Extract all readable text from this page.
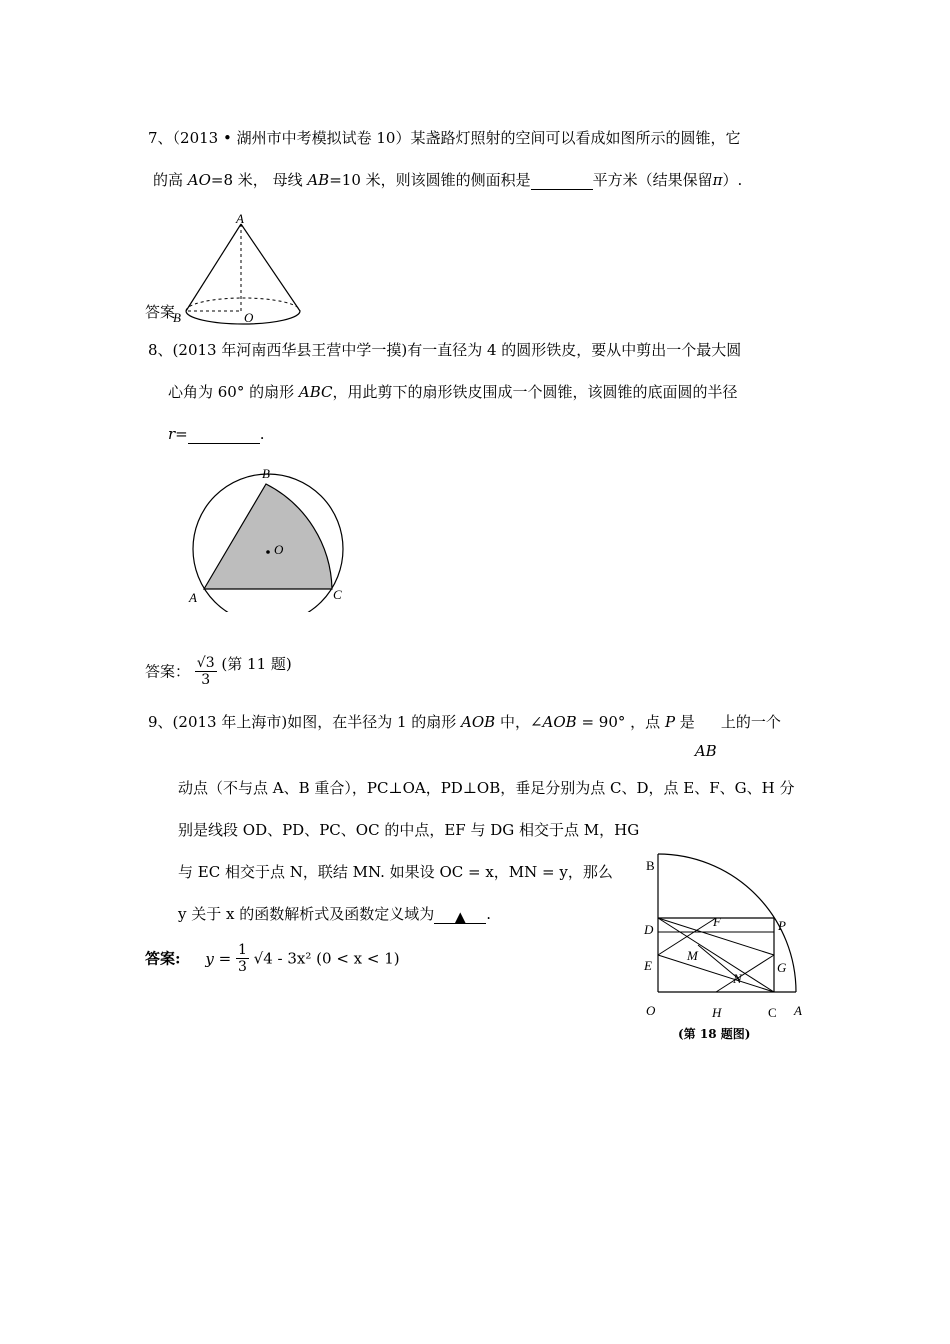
7、（2013 • 湖州市中考模拟试卷 10）某盏路灯照射的空间可以看成如图所示的圆锥，它
的高 AO=8 米， 母线 AB=10 米，则该圆锥的侧面积是	平方米（结果保留π）.
A
B	O
答案
8、(2013 年河南西华县王营中学一摸)有一直径为 4 的圆形铁皮，要从中剪出一个最大圆
心角为 60° 的扇形 ABC，用此剪下的扇形铁皮围成一个圆锥，该圆锥的底面圆的半径
r=	.
O
B
A	C
答案： $\frac{√3}{3}$ (第 11 题)
9、(2013 年上海市)如图，在半径为 1 的扇形 AOB 中，∠AOB = 90° ，点 P 是
AB
上的一个
动点（不与点 A、B 重合），PC⊥OA，PD⊥OB，垂足分别为点 C、D，点 E、F、G、H 分
别是线段 OD、PD、PC、OC 的中点，EF 与 DG 相交于点 M，HG
与 EC 相交于点 N，联结 MN. 如果设 OC = x，MN = y，那么
y 关于 x 的函数解析式及函数定义域为 ▲ .
答案: $y = \frac{1}{3} √4 - 3x^2$ (0 < x < 1)
B
D
E
O	H	C A
P
F
M
N
G
(第 18 题图)
